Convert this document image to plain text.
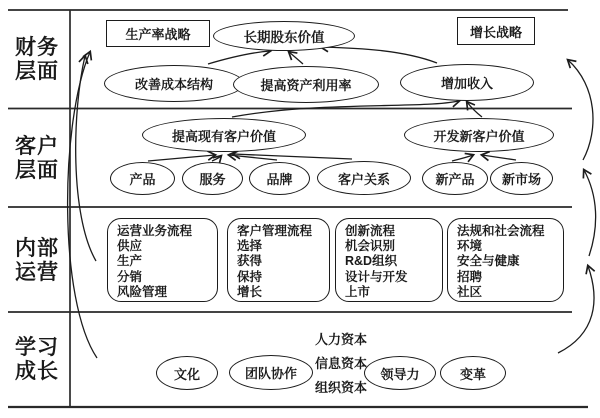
财务层面
客户层面
内部运营
学习成长
生产率战略	长期股东价值	增长战略
改善成本结构	提高资产利用率	增加收入
提高现有客户价值	开发新客户价值
产品	服务	品牌	客户关系	新产品	新市场
运营业务流程
供应
生产
分销
风险管理
客户管理流程
选择
获得
保持
增长
创新流程
机会识别
R&D组织
设计与开发
上市
法规和社会流程
环境
安全与健康
招聘
社区
文化	团队协作
人力资本
信息资本
组织资本
领导力	变革
